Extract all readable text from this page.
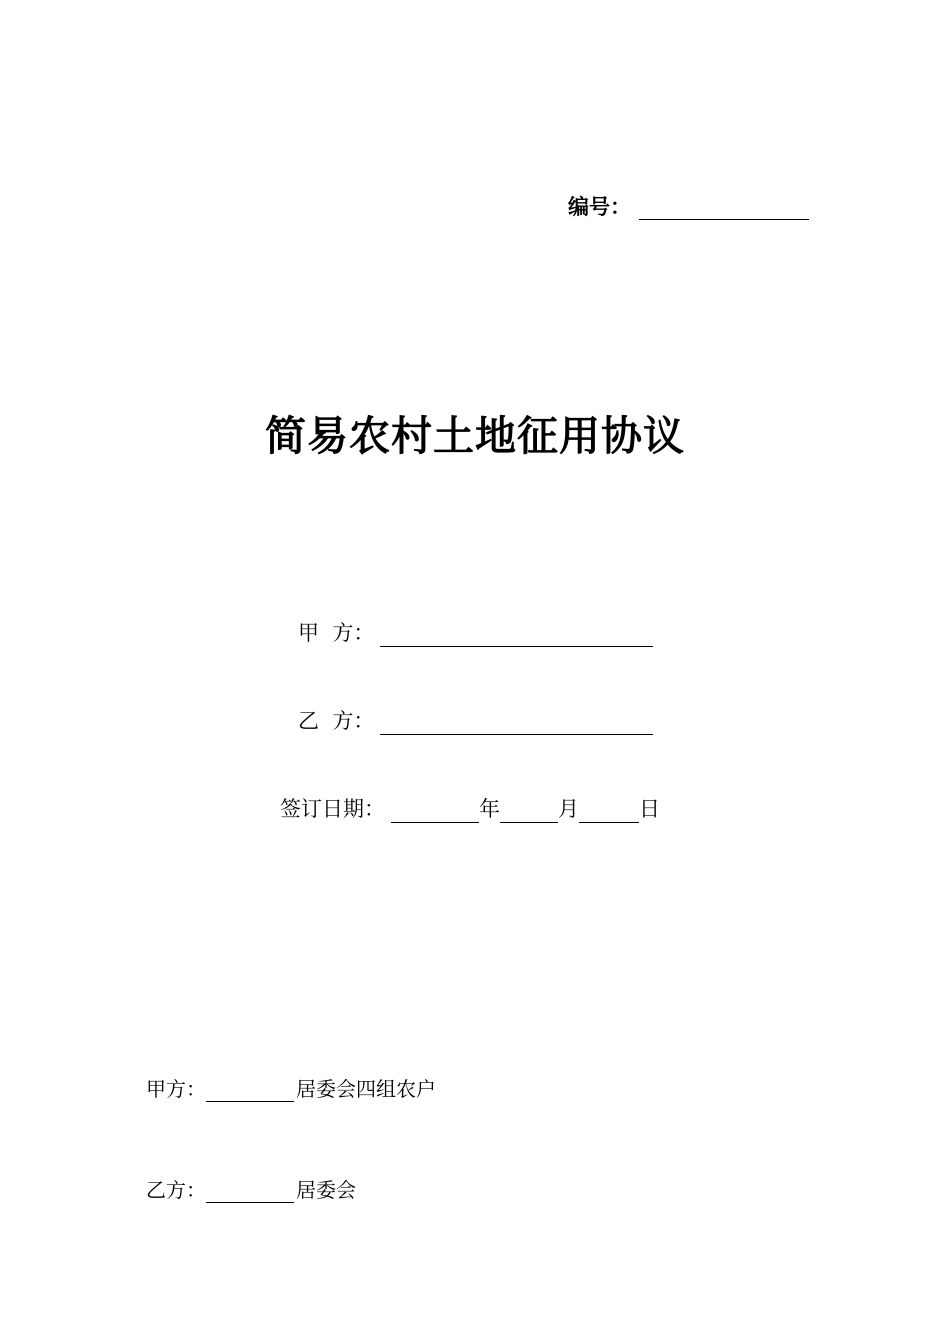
编号：
简易农村土地征用协议
甲  方：
乙  方：
签订日期：	年	月	日
甲方：	居委会四组农户
乙方：	居委会
